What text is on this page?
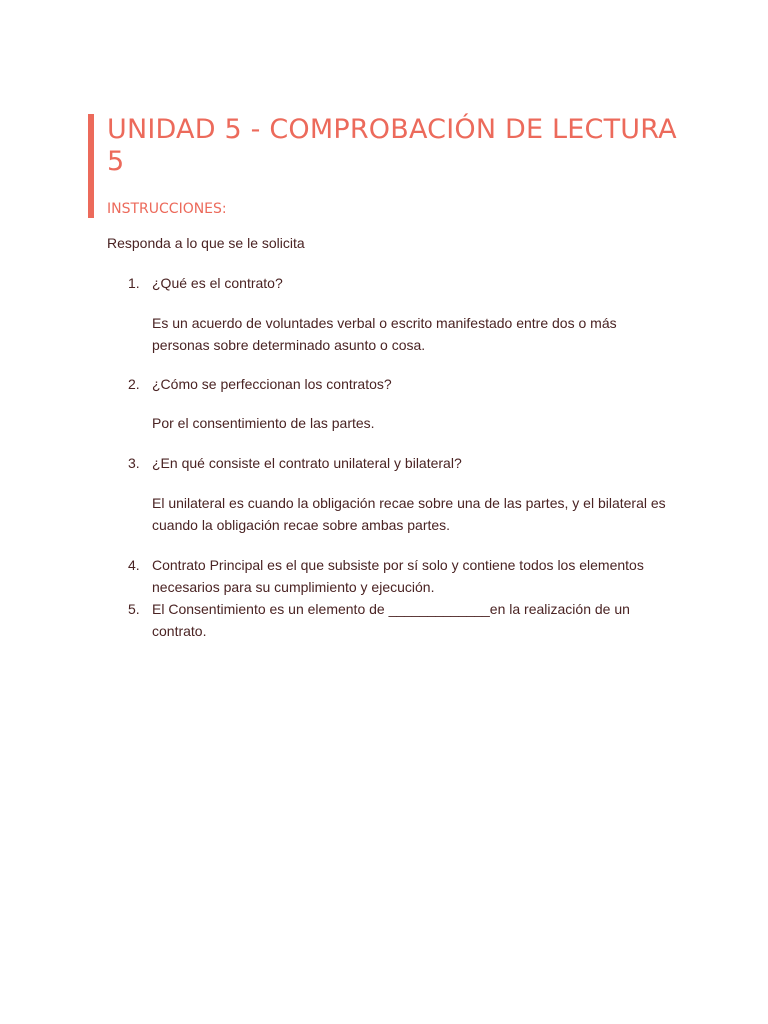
UNIDAD 5 - COMPROBACIÓN DE LECTURA 5
INSTRUCCIONES:

Responda a lo que se le solicita

1. ¿Qué es el contrato?

Es un acuerdo de voluntades verbal o escrito manifestado entre dos o más personas sobre determinado asunto o cosa.

2. ¿Cómo se perfeccionan los contratos?

Por el consentimiento de las partes.

3. ¿En qué consiste el contrato unilateral y bilateral?

El unilateral es cuando la obligación recae sobre una de las partes, y el bilateral es cuando la obligación recae sobre ambas partes.

4. Contrato Principal es el que subsiste por sí solo y contiene todos los elementos necesarios para su cumplimiento y ejecución.
5. El Consentimiento es un elemento de _____________en la realización de un contrato.
